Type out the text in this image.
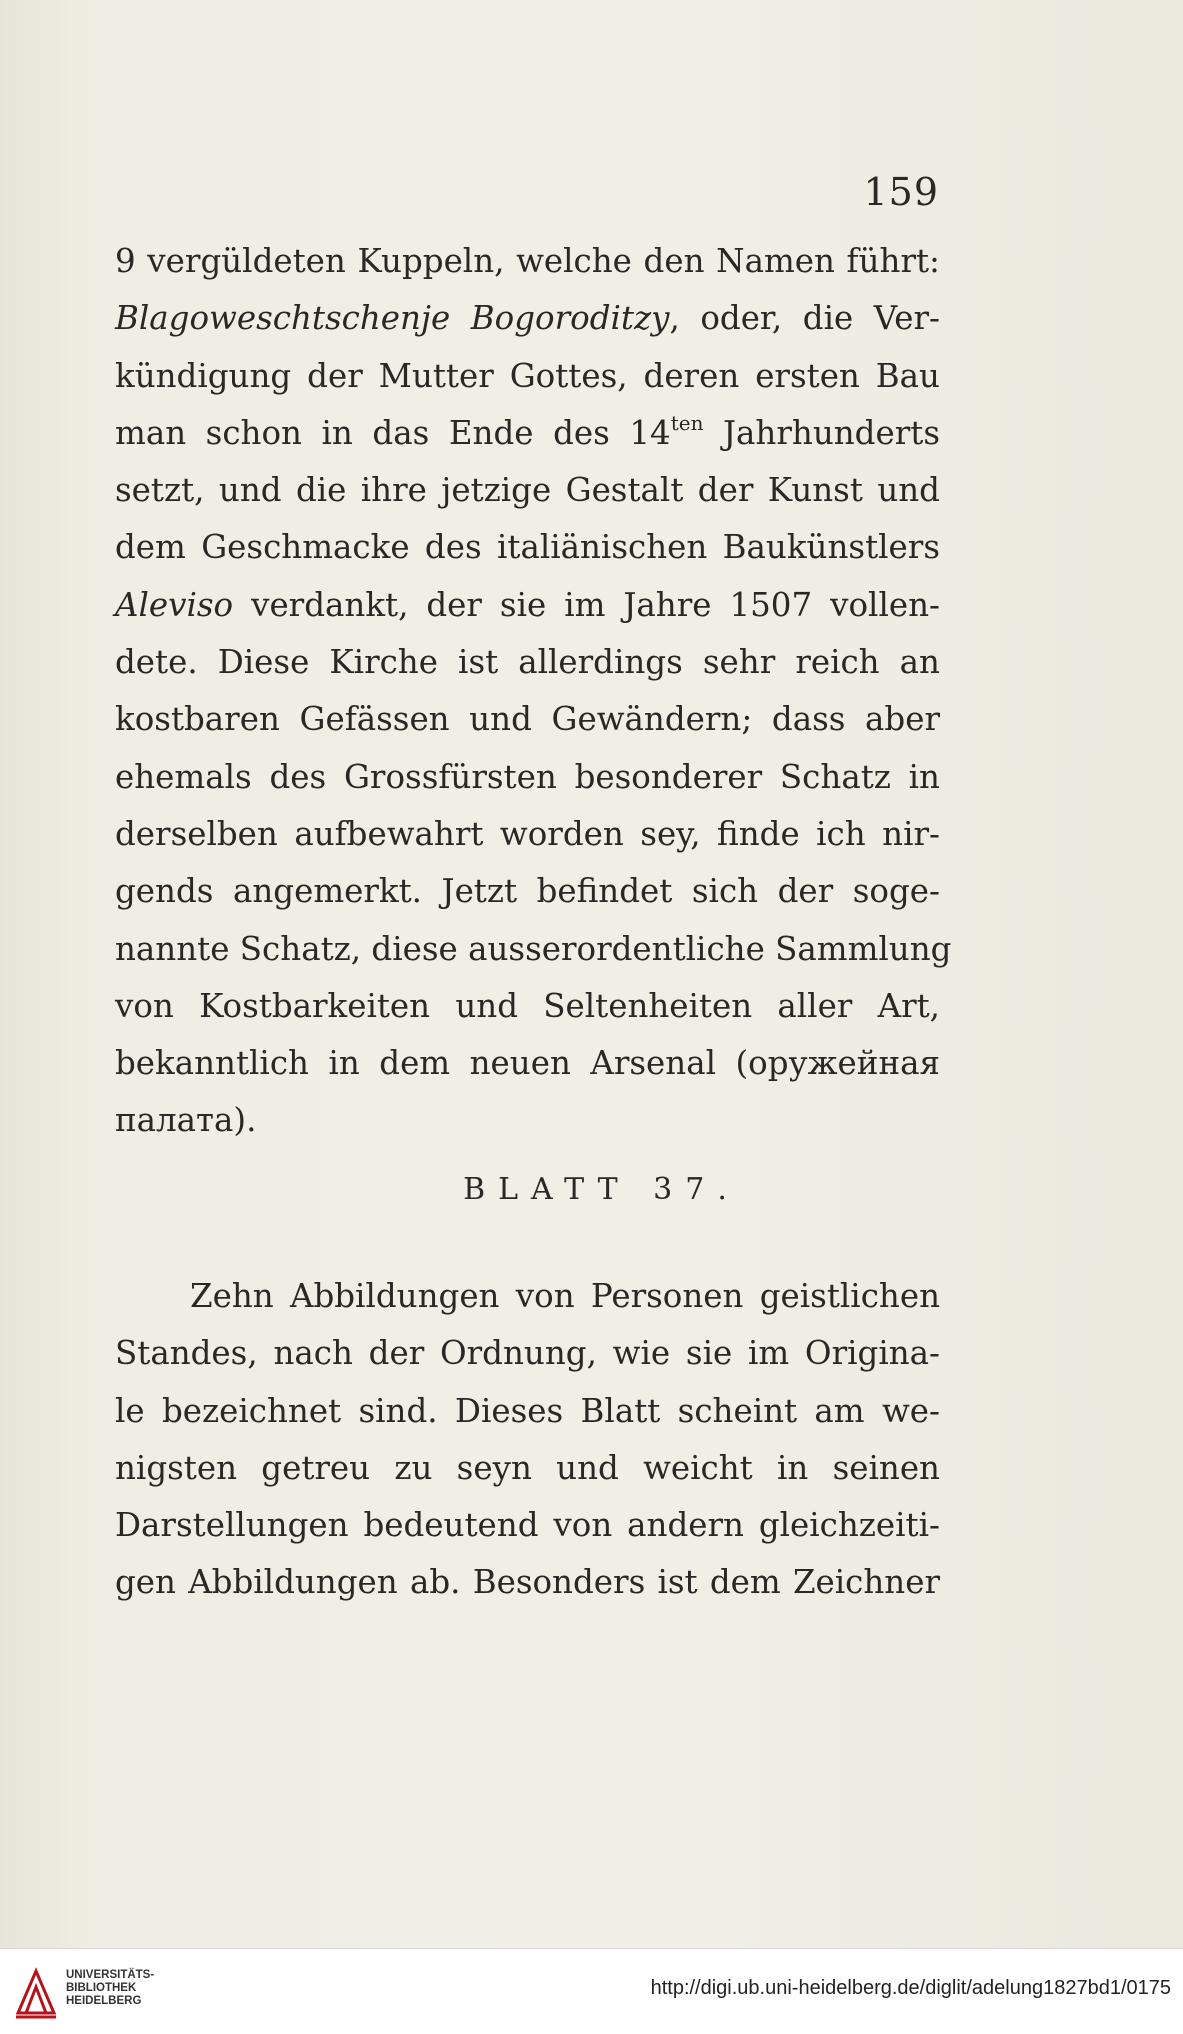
159
9 vergüldeten Kuppeln, welche den Namen führt:
Blagoweschtschenje Bogoroditzy, oder, die Ver-
kündigung der Mutter Gottes, deren ersten Bau
man schon in das Ende des $14^{ten}$ Jahrhunderts
setzt, und die ihre jetzige Gestalt der Kunst und
dem Geschmacke des italiänischen Baukünstlers
Aleviso verdankt, der sie im Jahre 1507 vollen-
dete. Diese Kirche ist allerdings sehr reich an
kostbaren Gefässen und Gewändern; dass aber
ehemals des Grossfürsten besonderer Schatz in
derselben aufbewahrt worden sey, finde ich nir-
gends angemerkt. Jetzt befindet sich der soge-
nannte Schatz, diese ausserordentliche Sammlung
von Kostbarkeiten und Seltenheiten aller Art,
bekanntlich in dem neuen Arsenal (оружейная
палата).
BLATT 37.
Zehn Abbildungen von Personen geistlichen
Standes, nach der Ordnung, wie sie im Origina-
le bezeichnet sind. Dieses Blatt scheint am we-
nigsten getreu zu seyn und weicht in seinen
Darstellungen bedeutend von andern gleichzeiti-
gen Abbildungen ab. Besonders ist dem Zeichner
UNIVERSITÄTS-
BIBLIOTHEK
HEIDELBERG
http://digi.ub.uni-heidelberg.de/diglit/adelung1827bd1/0175
